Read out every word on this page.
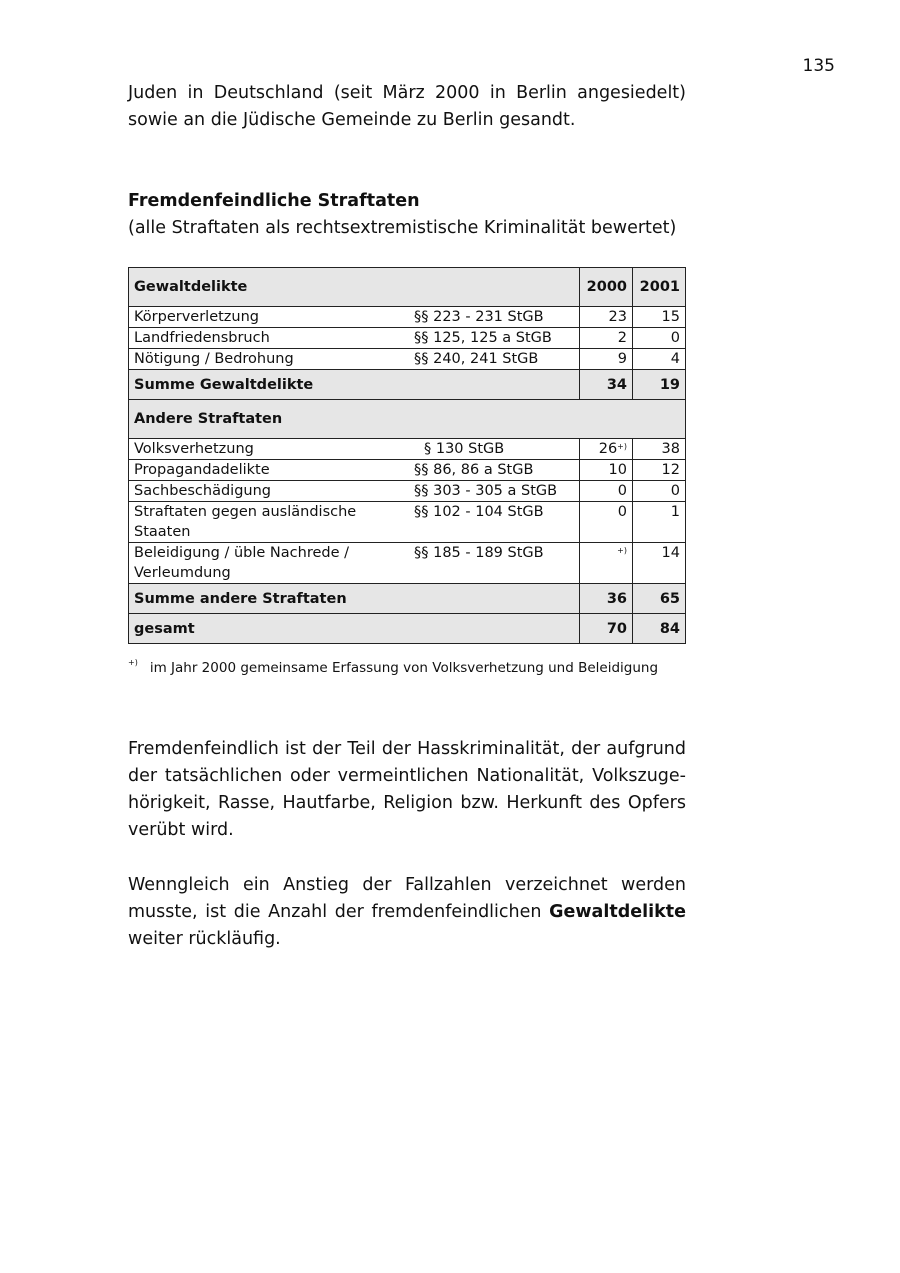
135
Juden in Deutschland (seit März 2000 in Berlin angesiedelt) sowie an die Jüdische Gemeinde zu Berlin gesandt.
Fremdenfeindliche Straftaten
(alle Straftaten als rechtsextremistische Kriminalität bewertet)
Gewaltdelikte		2000	2001
Körperverletzung	§§ 223 - 231 StGB	23	15
Landfriedensbruch	§§ 125, 125 a StGB	2	0
Nötigung / Bedrohung	§§ 240, 241 StGB	9	4
Summe Gewaltdelikte		34	19
Andere Straftaten			
Volksverhetzung	§ 130 StGB	26+)	38
Propagandadelikte	§§ 86, 86 a StGB	10	12
Sachbeschädigung	§§ 303 - 305 a StGB	0	0
Straftaten gegen ausländische Staaten	§§ 102 - 104 StGB	0	1
Beleidigung / üble Nachrede / Verleumdung	§§ 185 - 189 StGB	+)	14
Summe andere Straftaten		36	65
gesamt		70	84
+) im Jahr 2000 gemeinsame Erfassung von Volksverhetzung und Beleidigung
Fremdenfeindlich ist der Teil der Hasskriminalität, der aufgrund der tatsächlichen oder vermeintlichen Nationalität, Volkszuge-hörigkeit, Rasse, Hautfarbe, Religion bzw. Herkunft des Opfers verübt wird.
Wenngleich ein Anstieg der Fallzahlen verzeichnet werden musste, ist die Anzahl der fremdenfeindlichen Gewaltdelikte weiter rückläufig.
